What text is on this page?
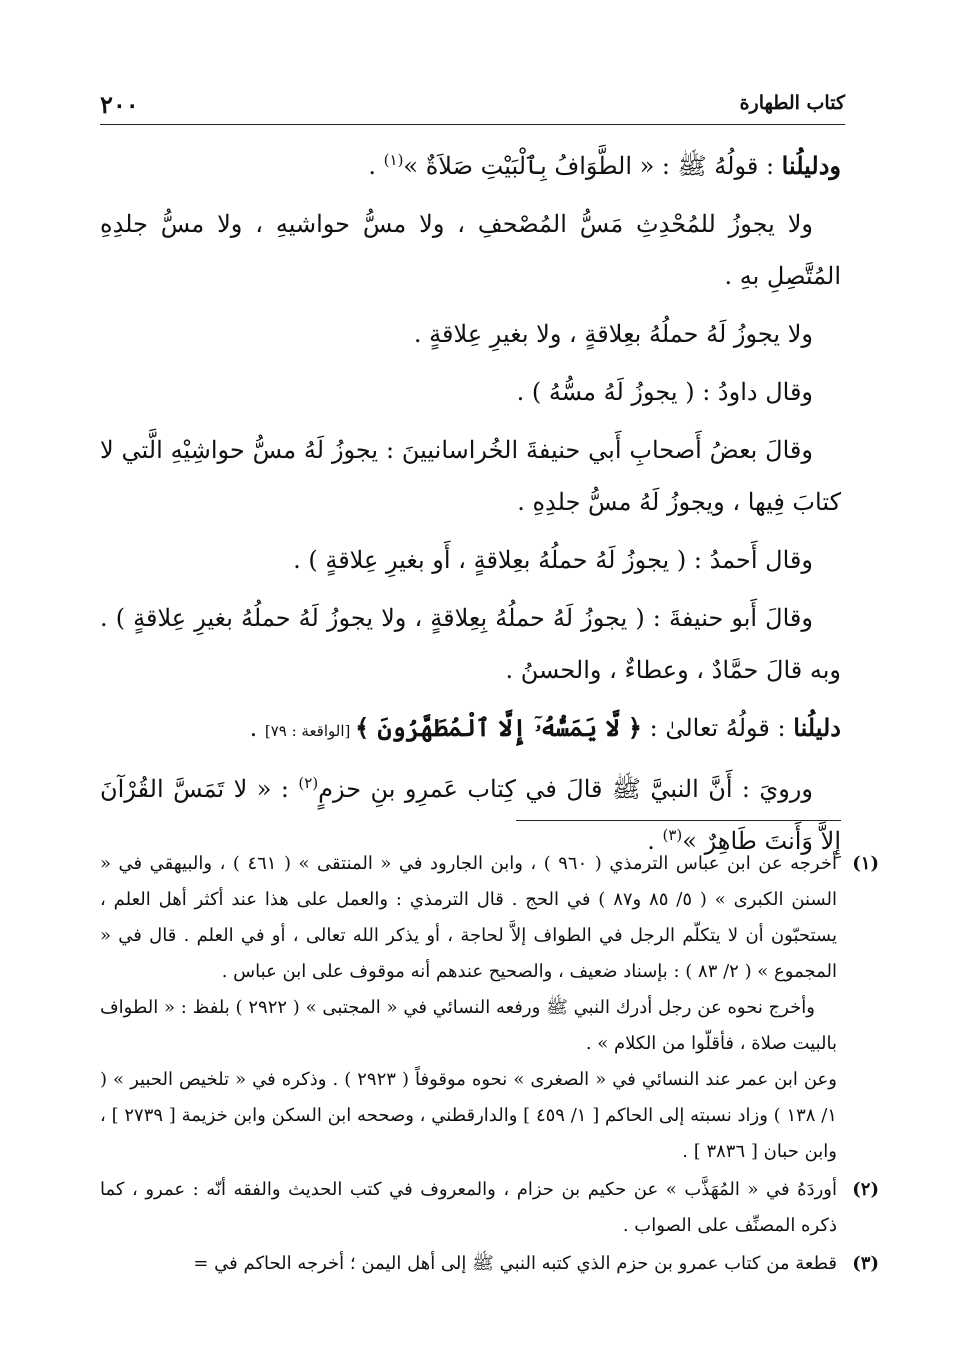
٢٠٠	كتاب الطهارة

ودليلُنا : قولُهُ ﷺ : « الطَّوَافُ بِٱلْبَيْتِ صَلاَةٌ »$^{(١)}$ .

ولا يجوزُ للمُحْدِثِ مَسُّ المُصْحفِ ، ولا مسُّ حواشيهِ ، ولا مسُّ جلدِهِ المُتَّصِلِ بهِ .

ولا يجوزُ لَهُ حملُهُ بعِلاقةٍ ، ولا بغيرِ عِلاقةٍ .

وقال داودُ : ( يجوزُ لَهُ مسُّهُ ) .

وقالَ بعضُ أَصحابِ أَبي حنيفةَ الخُراسانيينَ : يجوزُ لَهُ مسُّ حواشِيْهِ الَّتي لا كتابَ فِيها ، ويجوزُ لَهُ مسُّ جلدِهِ .

وقال أَحمدُ : ( يجوزُ لَهُ حملُهُ بعِلاقةٍ ، أَو بغيرِ عِلاقةٍ ) .

وقالَ أَبو حنيفةَ : ( يجوزُ لَهُ حملُهُ بِعِلاقةٍ ، ولا يجوزُ لَهُ حملُهُ بغيرِ عِلاقةٍ ) . وبه قالَ حمَّادٌ ، وعطاءٌ ، والحسنُ .

دليلُنا : قولُهُ تعالىٰ : ﴿ لَّا يَمَسُّهُۥٓ إِلَّا ٱلْمُطَهَّرُونَ ﴾ [الواقعة : ٧٩] .

ورويَ : أَنَّ النبيَّ ﷺ قالَ في كِتاب عَمرِو بنِ حزمٍ$^{(٢)}$ : « لا تَمَسَّ القُرْآنَ إِلاَّ وَأَنتَ طَاهِرٌ »$^{(٣)}$ .

(١)

أخرجه عن ابن عباس الترمذي ( ٩٦٠ ) ، وابن الجارود في « المنتقى » ( ٤٦١ ) ، والبيهقي في « السنن الكبرى » ( ٥/ ٨٥ و٨٧ ) في الحج . قال الترمذي : والعمل على هذا عند أكثر أهل العلم ، يستحبّون أن لا يتكلّم الرجل في الطواف إلاَّ لحاجة ، أو يذكر الله تعالى ، أو في العلم . قال في « المجموع » ( ٢/ ٨٣ ) : بإسناد ضعيف ، والصحيح عندهم أنه موقوف على ابن عباس .

وأخرج نحوه عن رجل أدرك النبي ﷺ ورفعه النسائي في « المجتبى » ( ٢٩٢٢ ) بلفظ : « الطواف بالبيت صلاة ، فأقلّوا من الكلام » .

وعن ابن عمر عند النسائي في « الصغرى » نحوه موقوفاً ( ٢٩٢٣ ) . وذكره في « تلخيص الحبير » ( ١/ ١٣٨ ) وزاد نسبته إلى الحاكم [ ١/ ٤٥٩ ] والدارقطني ، وصححه ابن السكن وابن خزيمة [ ٢٧٣٩ ] ، وابن حبان [ ٣٨٣٦ ] .

(٢)

أوردَهُ في « المُهَذَّب » عن حكيم بن حزام ، والمعروف في كتب الحديث والفقه أنّه : عمرو ، كما ذكره المصنِّف على الصواب .

(٣)

قطعة من كتاب عمرو بن حزم الذي كتبه النبي ﷺ إلى أهل اليمن ؛ أخرجه الحاكم في =
